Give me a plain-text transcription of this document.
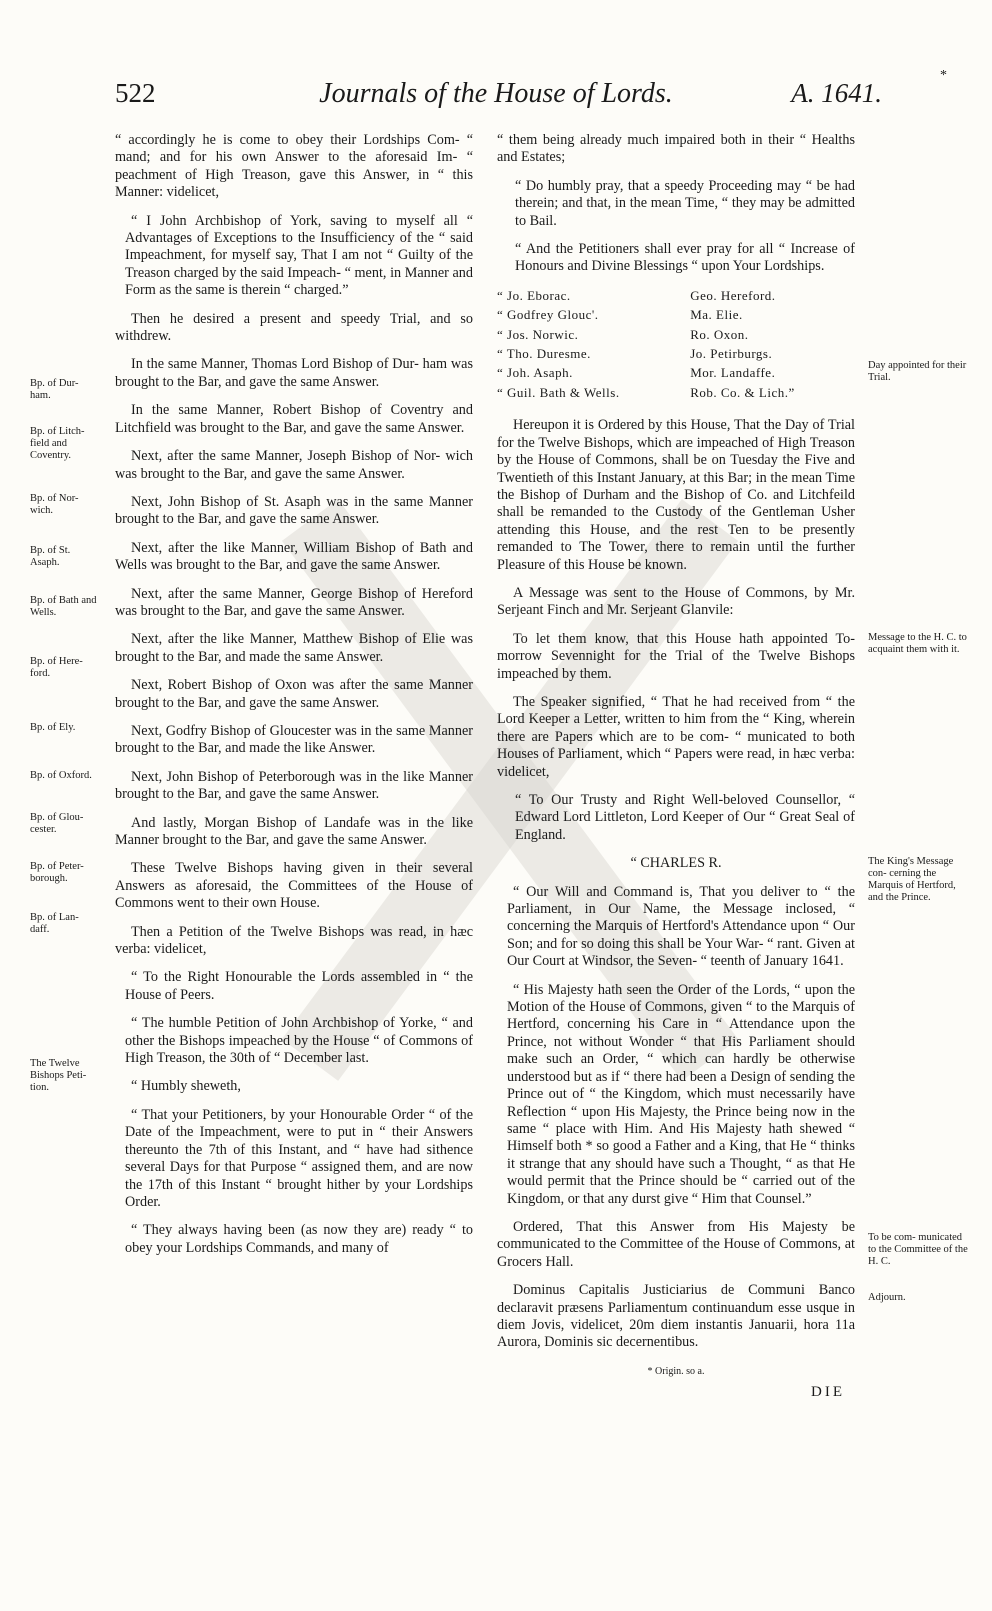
522	Journals of the House of Lords.	A. 1641.
*
Bp. of Dur- ham.
Bp. of Litch- field and Coventry.
Bp. of Nor- wich.
Bp. of St. Asaph.
Bp. of Bath and Wells.
Bp. of Here- ford.
Bp. of Ely.
Bp. of Oxford.
Bp. of Glou- cester.
Bp. of Peter- borough.
Bp. of Lan- daff.
The Twelve Bishops Peti- tion.
Day appointed for their Trial.
Message to the H. C. to acquaint them with it.
The King's Message con- cerning the Marquis of Hertford, and the Prince.
To be com- municated to the Committee of the H. C.
Adjourn.

“ accordingly he is come to obey their Lordships Com- “ mand; and for his own Answer to the aforesaid Im- “ peachment of High Treason, gave this Answer, in “ this Manner: videlicet,

“ I John Archbishop of York, saving to myself all “ Advantages of Exceptions to the Insufficiency of the “ said Impeachment, for myself say, That I am not “ Guilty of the Treason charged by the said Impeach- “ ment, in Manner and Form as the same is therein “ charged.”

Then he desired a present and speedy Trial, and so withdrew.

In the same Manner, Thomas Lord Bishop of Dur- ham was brought to the Bar, and gave the same Answer.

In the same Manner, Robert Bishop of Coventry and Litchfield was brought to the Bar, and gave the same Answer.

Next, after the same Manner, Joseph Bishop of Nor- wich was brought to the Bar, and gave the same Answer.

Next, John Bishop of St. Asaph was in the same Manner brought to the Bar, and gave the same Answer.

Next, after the like Manner, William Bishop of Bath and Wells was brought to the Bar, and gave the same Answer.

Next, after the same Manner, George Bishop of Hereford was brought to the Bar, and gave the same Answer.

Next, after the like Manner, Matthew Bishop of Elie was brought to the Bar, and made the same Answer.

Next, Robert Bishop of Oxon was after the same Manner brought to the Bar, and gave the same Answer.

Next, Godfry Bishop of Gloucester was in the same Manner brought to the Bar, and made the like Answer.

Next, John Bishop of Peterborough was in the like Manner brought to the Bar, and gave the same Answer.

And lastly, Morgan Bishop of Landafe was in the like Manner brought to the Bar, and gave the same Answer.

These Twelve Bishops having given in their several Answers as aforesaid, the Committees of the House of Commons went to their own House.

Then a Petition of the Twelve Bishops was read, in hæc verba: videlicet,

“ To the Right Honourable the Lords assembled in “ the House of Peers.

“ The humble Petition of John Archbishop of Yorke, “ and other the Bishops impeached by the House “ of Commons of High Treason, the 30th of “ December last.

“ Humbly sheweth,

“ That your Petitioners, by your Honourable Order “ of the Date of the Impeachment, were to put in “ their Answers thereunto the 7th of this Instant, and “ have had sithence several Days for that Purpose “ assigned them, and are now the 17th of this Instant “ brought hither by your Lordships Order.

“ They always having been (as now they are) ready “ to obey your Lordships Commands, and many of

“ them being already much impaired both in their “ Healths and Estates;

“ Do humbly pray, that a speedy Proceeding may “ be had therein; and that, in the mean Time, “ they may be admitted to Bail.

“ And the Petitioners shall ever pray for all “ Increase of Honours and Divine Blessings “ upon Your Lordships.

“ Jo. Eborac.	Geo. Hereford.
“ Godfrey Glouc'.	Ma. Elie.
“ Jos. Norwic.	Ro. Oxon.
“ Tho. Duresme.	Jo. Petirburgs.
“ Joh. Asaph.	Mor. Landaffe.
“ Guil. Bath & Wells.	Rob. Co. & Lich.”

Hereupon it is Ordered by this House, That the Day of Trial for the Twelve Bishops, which are impeached of High Treason by the House of Commons, shall be on Tuesday the Five and Twentieth of this Instant January, at this Bar; in the mean Time the Bishop of Durham and the Bishop of Co. and Litchfeild shall be remanded to the Custody of the Gentleman Usher attending this House, and the rest Ten to be presently remanded to The Tower, there to remain until the further Pleasure of this House be known.

A Message was sent to the House of Commons, by Mr. Serjeant Finch and Mr. Serjeant Glanvile:

To let them know, that this House hath appointed To-morrow Sevennight for the Trial of the Twelve Bishops impeached by them.

The Speaker signified, “ That he had received from “ the Lord Keeper a Letter, written to him from the “ King, wherein there are Papers which are to be com- “ municated to both Houses of Parliament, which “ Papers were read, in hæc verba: videlicet,

“ To Our Trusty and Right Well-beloved Counsellor, “ Edward Lord Littleton, Lord Keeper of Our “ Great Seal of England.

“ CHARLES R.

“ Our Will and Command is, That you deliver to “ the Parliament, in Our Name, the Message inclosed, “ concerning the Marquis of Hertford's Attendance upon “ Our Son; and for so doing this shall be Your War- “ rant. Given at Our Court at Windsor, the Seven- “ teenth of January 1641.

“ His Majesty hath seen the Order of the Lords, “ upon the Motion of the House of Commons, given “ to the Marquis of Hertford, concerning his Care in “ Attendance upon the Prince, not without Wonder “ that His Parliament should make such an Order, “ which can hardly be otherwise understood but as if “ there had been a Design of sending the Prince out of “ the Kingdom, which must necessarily have Reflection “ upon His Majesty, the Prince being now in the same “ place with Him. And His Majesty hath shewed “ Himself both * so good a Father and a King, that He “ thinks it strange that any should have such a Thought, “ as that He would permit that the Prince should be “ carried out of the Kingdom, or that any durst give “ Him that Counsel.”

Ordered, That this Answer from His Majesty be communicated to the Committee of the House of Commons, at Grocers Hall.

Dominus Capitalis Justiciarius de Communi Banco declaravit præsens Parliamentum continuandum esse usque in diem Jovis, videlicet, 20m diem instantis Januarii, hora 11a Aurora, Dominis sic decernentibus.

* Origin. so a.
DIE
